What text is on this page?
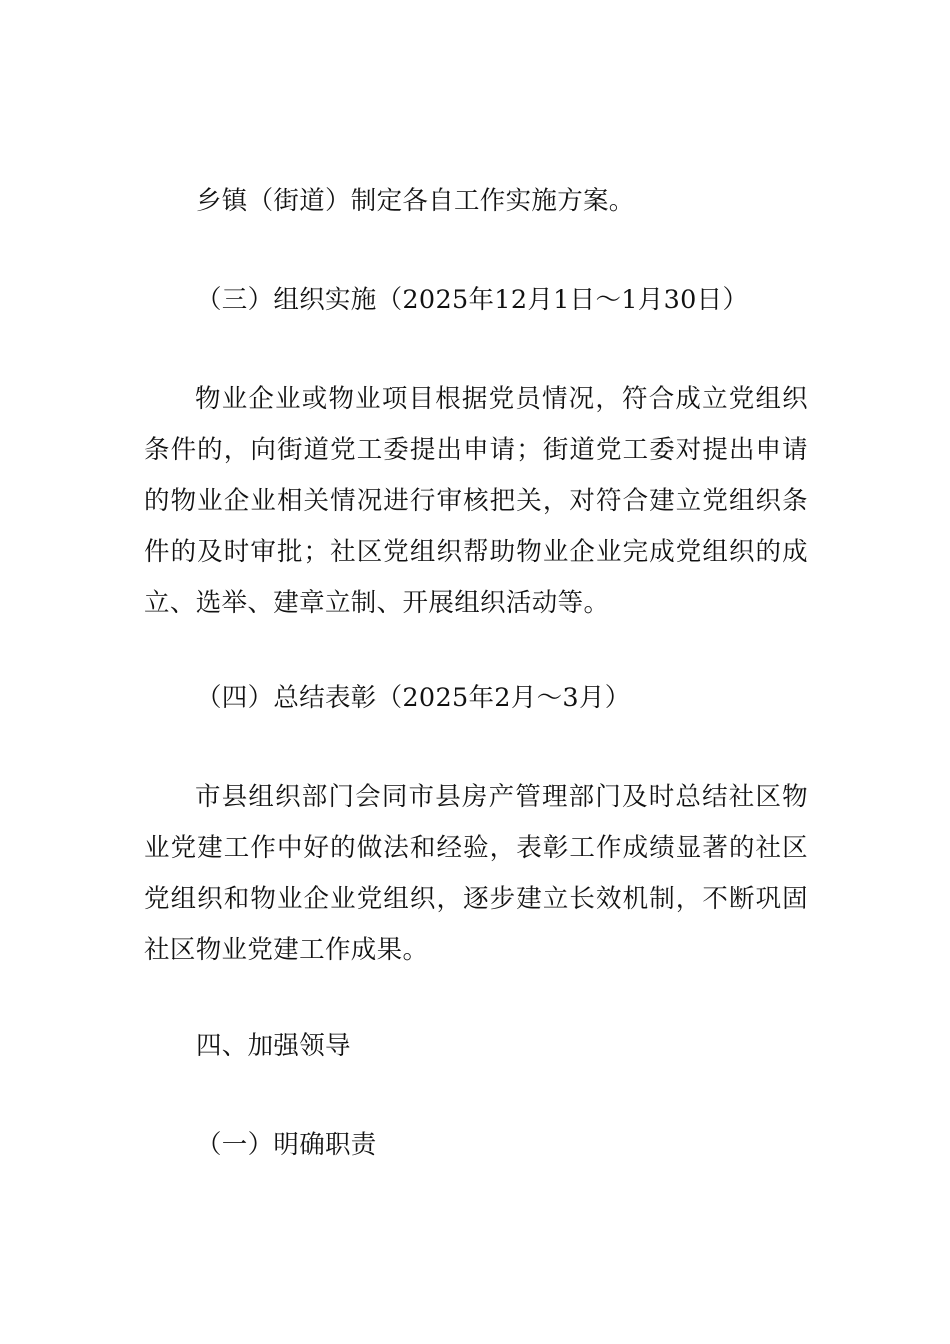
乡镇（街道）制定各自工作实施方案。
（三）组织实施（2025年12月1日～1月30日）
物业企业或物业项目根据党员情况，符合成立党组织条件的，向街道党工委提出申请；街道党工委对提出申请的物业企业相关情况进行审核把关，对符合建立党组织条件的及时审批；社区党组织帮助物业企业完成党组织的成立、选举、建章立制、开展组织活动等。
（四）总结表彰（2025年2月～3月）
市县组织部门会同市县房产管理部门及时总结社区物业党建工作中好的做法和经验，表彰工作成绩显著的社区党组织和物业企业党组织，逐步建立长效机制，不断巩固社区物业党建工作成果。
四、加强领导
（一）明确职责
